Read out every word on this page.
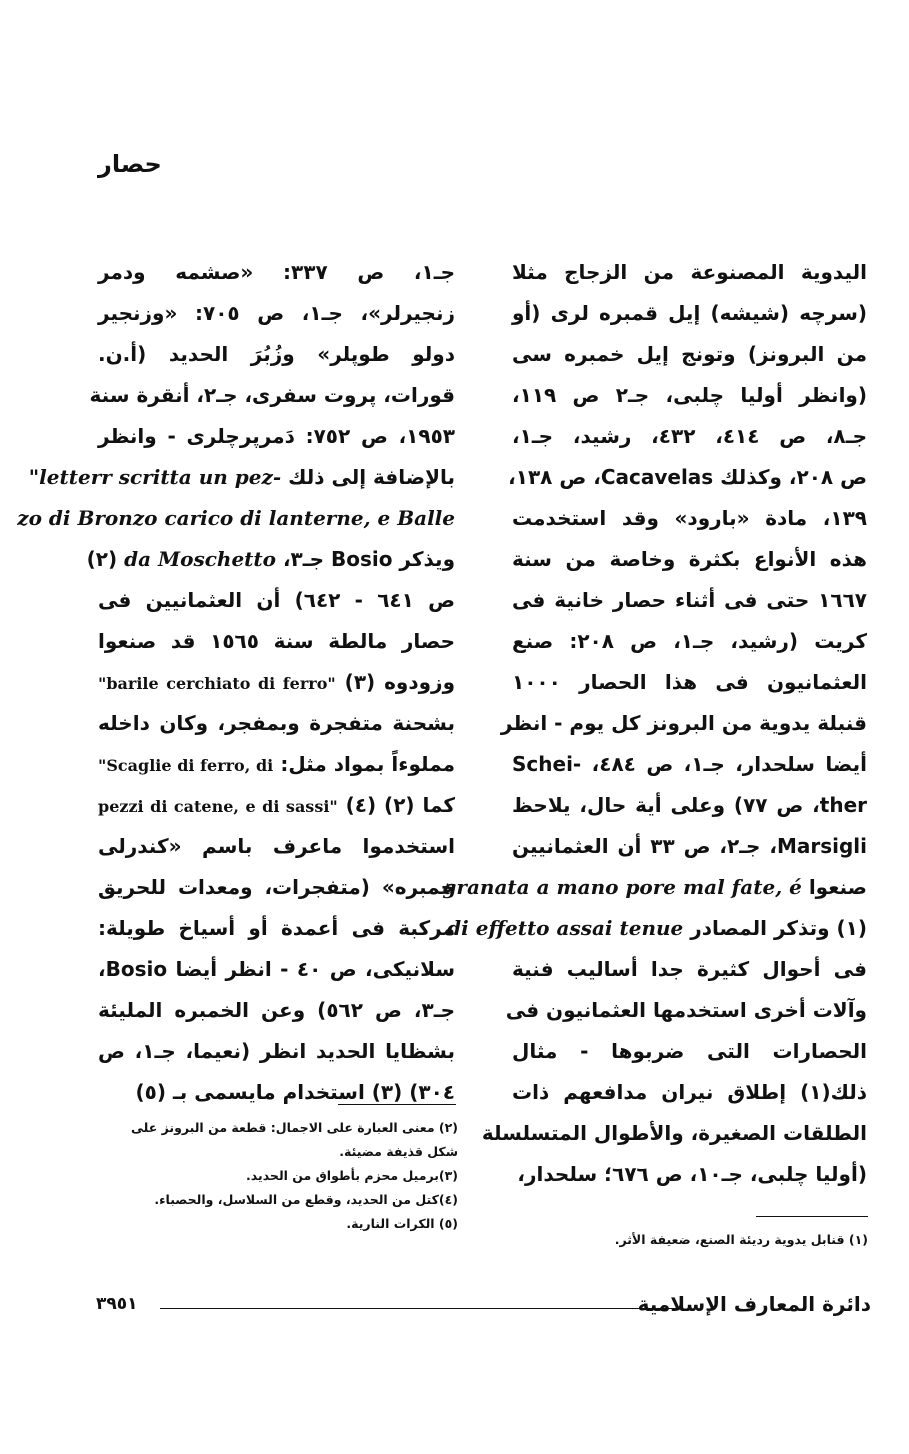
حصار
اليدوية المصنوعة من الزجاج مثلا
(سرچه (شيشه) إيل قمبره لرى (أو
من البرونز) وتونج إيل خمبره سى
(وانظر أوليا چلبى، جـ٢ ص ١١٩،
جـ٨، ص ٤١٤، ٤٣٢، رشيد، جـ١،
ص ٢٠٨، وكذلك Cacavelas، ص ١٣٨،
١٣٩، مادة «بارود» وقد استخدمت
هذه الأنواع بكثرة وخاصة من سنة
١٦٦٧ حتى فى أثناء حصار خانية فى
كريت (رشيد، جـ١، ص ٢٠٨: صنع
العثمانيون فى هذا الحصار ١٠٠٠
قنبلة يدوية من البرونز كل يوم - انظر
أيضا سلحدار، جـ١، ص ٤٨٤، -Schei
ther، ص ٧٧) وعلى أية حال، يلاحظ
Marsigli، جـ٢، ص ٣٣ أن العثمانيين
صنعوا granata a mano pore mal fate, é
(١) وتذكر المصادر di effetto assai tenue
فى أحوال كثيرة جدا أساليب فنية
وآلات أخرى استخدمها العثمانيون فى
الحصارات التى ضربوها - مثال
ذلك(١) إطلاق نيران مدافعهم ذات
الطلقات الصغيرة، والأطوال المتسلسلة
(أوليا چلبى، جـ١٠، ص ٦٧٦؛ سلحدار،
جـ١، ص ٣٣٧: «صشمه ودمر
زنجيرلر»، جـ١، ص ٧٠٥: «وزنجير
دولو طوپلر» وزُبُرَ الحديد (أ.ن.
قورات، پروت سفرى، جـ٢، أنقرة سنة
١٩٥٣، ص ٧٥٢: دَمرپرچلرى - وانظر
بالإضافة إلى ذلك "letterr scritta un pez-
zo di Bronzo carico di lanterne, e Balle
ويذكر Bosio جـ٣، da Moschetto (٢)
ص ٦٤١ - ٦٤٢) أن العثمانيين فى
حصار مالطة سنة ١٥٦٥ قد صنعوا
وزودوه (٣) "barile cerchiato di ferro"
بشحنة متفجرة وبمفجر، وكان داخله
مملوءاً بمواد مثل: "Scaglie di ferro, di
كما (٢) (٤) pezzi di catene, e di sassi"
استخدموا ماعرف باسم «كندرلى
خمبره» (متفجرات، ومعدات للحريق
مركبة فى أعمدة أو أسياخ طويلة:
سلانيكى، ص ٤٠ - انظر أيضا Bosio،
جـ٣، ص ٥٦٢) وعن الخمبره المليئة
بشظايا الحديد انظر (نعيما، جـ١، ص
٣٠٤) (٣) استخدام مايسمى بـ (٥)
(٢) معنى العبارة على الاجمال: قطعة من البرونز على
شكل قذيفة مضيئة.
(٣)برميل محزم بأطواق من الحديد.
(٤)كتل من الحديد، وقطع من السلاسل، والحصباء.
(٥) الكرات النارية.
(١) قنابل يدوية رديئة الصنع، ضعيفة الأثر.
دائرة المعارف الإسلامية
٣٩٥١
